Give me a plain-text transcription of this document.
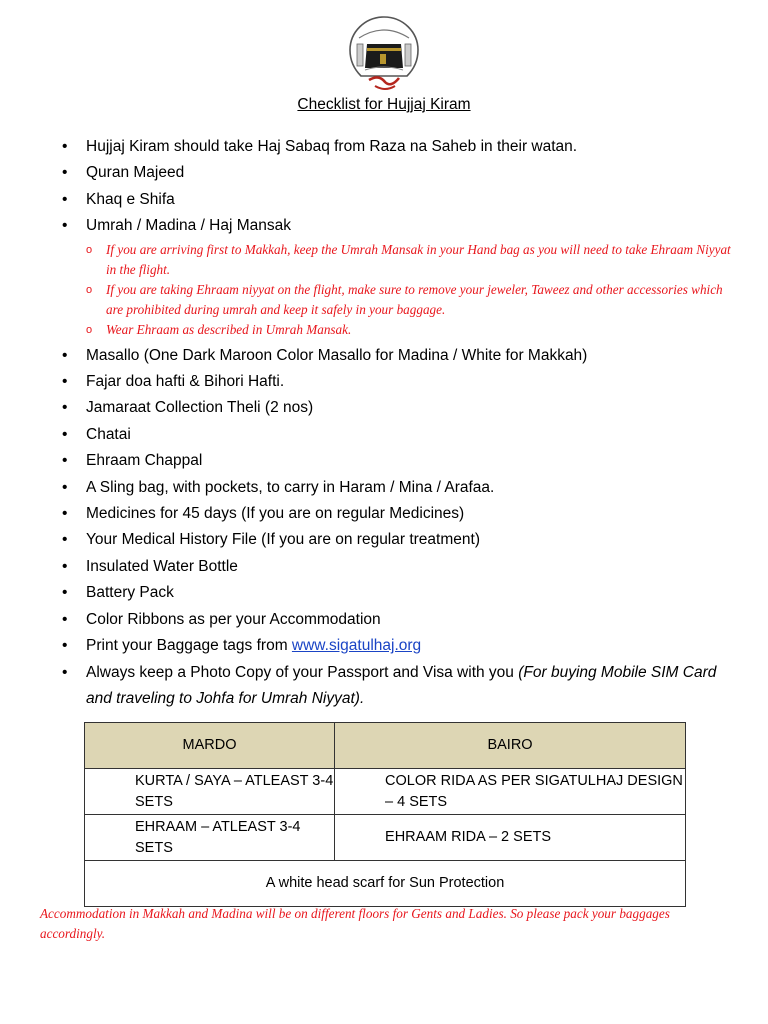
Checklist for Hujjaj Kiram
• Hujjaj Kiram should take Haj Sabaq from Raza na Saheb in their watan.
• Quran Majeed
• Khaq e Shifa
• Umrah / Madina / Haj Mansak
o If you are arriving first to Makkah, keep the Umrah Mansak in your Hand bag as you will need to take Ehraam Niyyat in the flight.
o If you are taking Ehraam niyyat on the flight, make sure to remove your jeweler, Taweez and other accessories which are prohibited during umrah and keep it safely in your baggage.
o Wear Ehraam as described in Umrah Mansak.
• Masallo (One Dark Maroon Color Masallo for Madina / White for Makkah)
• Fajar doa hafti & Bihori Hafti.
• Jamaraat Collection Theli (2 nos)
• Chatai
• Ehraam Chappal
• A Sling bag, with pockets, to carry in Haram / Mina / Arafaa.
• Medicines for 45 days (If you are on regular Medicines)
• Your Medical History File (If you are on regular treatment)
• Insulated Water Bottle
• Battery Pack
• Color Ribbons as per your Accommodation
• Print your Baggage tags from www.sigatulhaj.org
• Always keep a Photo Copy of your Passport and Visa with you (For buying Mobile SIM Card and traveling to Johfa for Umrah Niyyat).
MARDO	BAIRO
KURTA / SAYA – ATLEAST 3-4 SETS	COLOR RIDA AS PER SIGATULHAJ DESIGN – 4 SETS
EHRAAM – ATLEAST 3-4 SETS	EHRAAM RIDA – 2 SETS
A white head scarf for Sun Protection	
Accommodation in Makkah and Madina will be on different floors for Gents and Ladies. So please pack your baggages accordingly.
